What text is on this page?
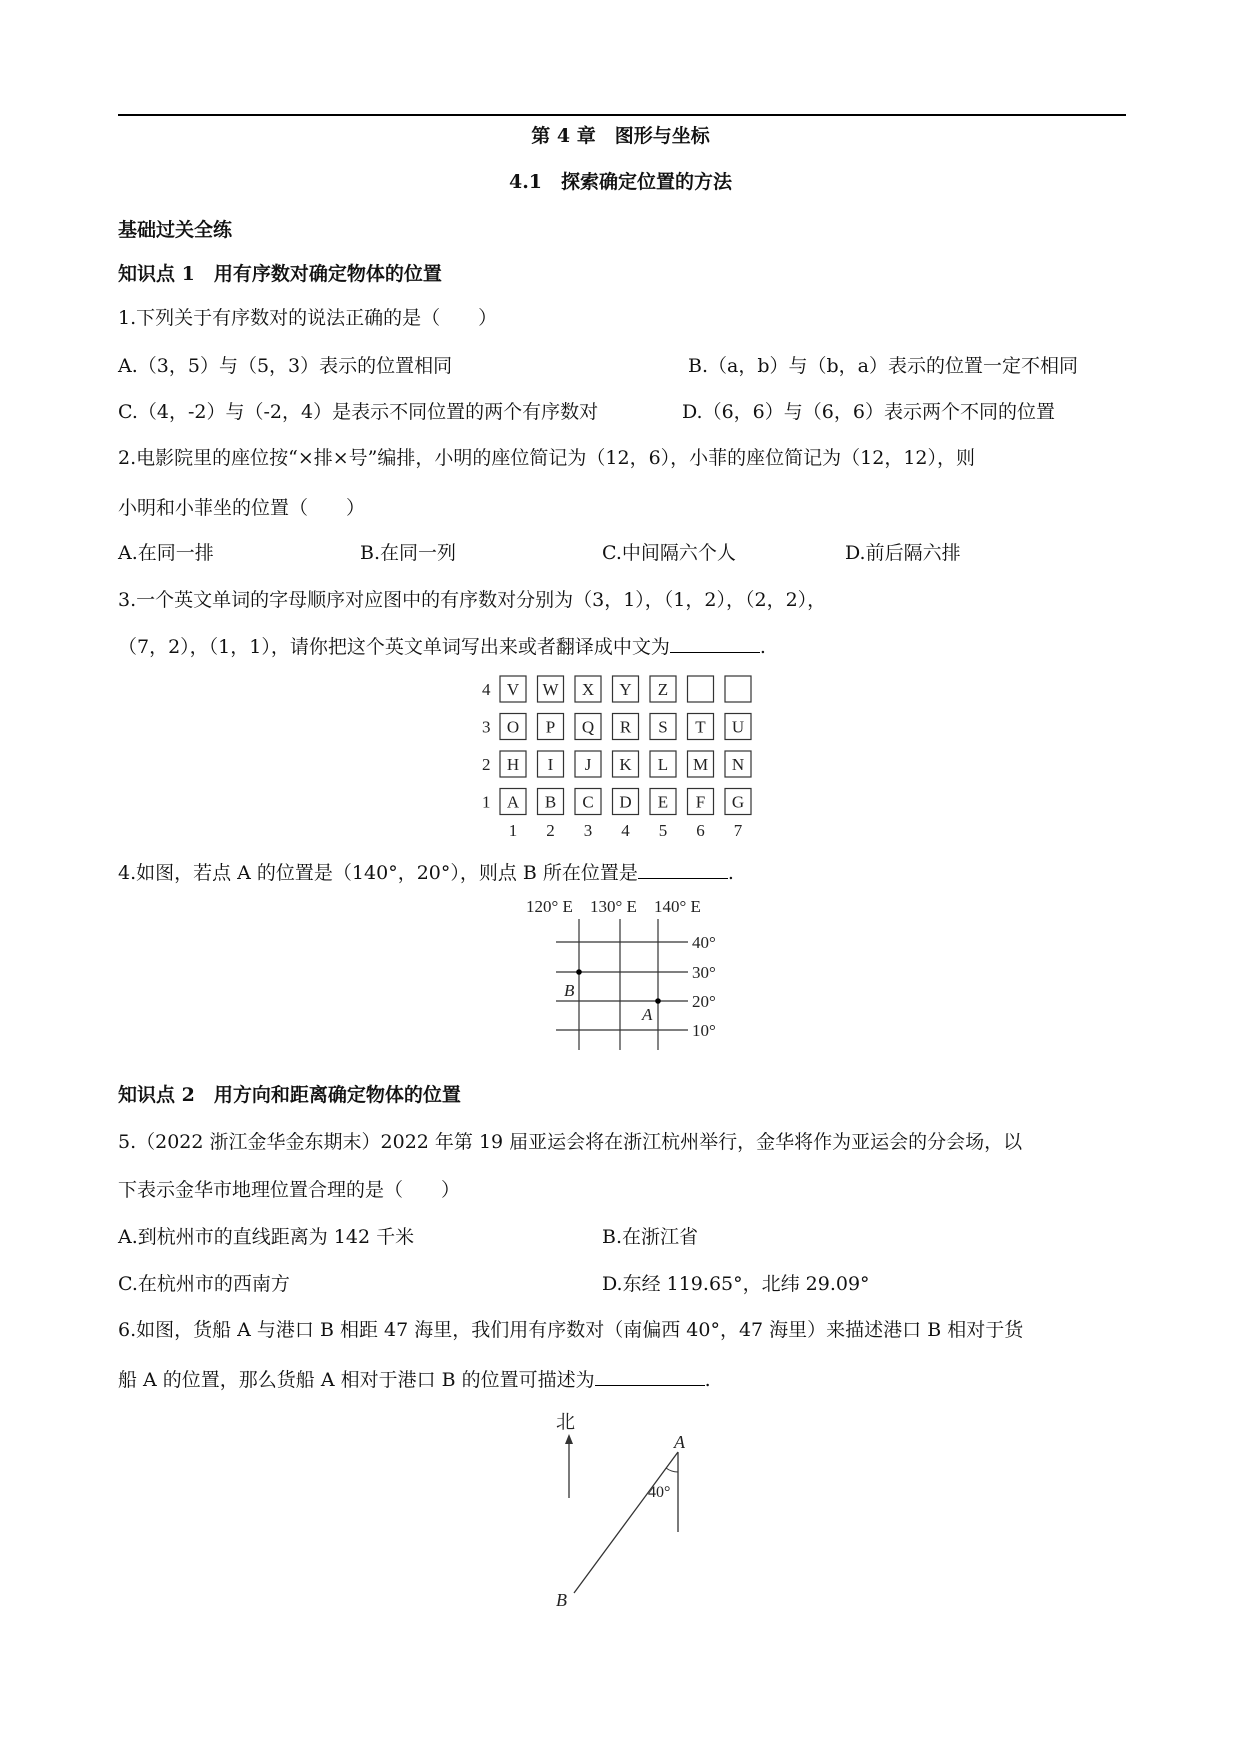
第 4 章　图形与坐标
4.1　探索确定位置的方法
基础过关全练
知识点 1　用有序数对确定物体的位置
1.下列关于有序数对的说法正确的是（　　）
A.（3，5）与（5，3）表示的位置相同	B.（a，b）与（b，a）表示的位置一定不相同
C.（4，-2）与（-2，4）是表示不同位置的两个有序数对	D.（6，6）与（6，6）表示两个不同的位置
2.电影院里的座位按“×排×号”编排，小明的座位简记为（12，6），小菲的座位简记为（12，12），则
小明和小菲坐的位置（　　）
A.在同一排	B.在同一列	C.中间隔六个人	D.前后隔六排
3.一个英文单词的字母顺序对应图中的有序数对分别为（3，1），（1，2），（2，2），
（7，2），（1，1），请你把这个英文单词写出来或者翻译成中文为	.
4 V W X Y Z
3 O P Q R S T U
2 H I J K L M N
1 A B C D E F G
1 2 3 4 5 6 7
4.如图，若点 A 的位置是（140°，20°），则点 B 所在位置是	.
120° E 130° E 140° E
40°
30°
20°
10°
B
A
知识点 2　用方向和距离确定物体的位置
5.（2022 浙江金华金东期末）2022 年第 19 届亚运会将在浙江杭州举行，金华将作为亚运会的分会场，以
下表示金华市地理位置合理的是（　　）
A.到杭州市的直线距离为 142 千米	B.在浙江省
C.在杭州市的西南方	D.东经 119.65°，北纬 29.09°
6.如图，货船 A 与港口 B 相距 47 海里，我们用有序数对（南偏西 40°，47 海里）来描述港口 B 相对于货
船 A 的位置，那么货船 A 相对于港口 B 的位置可描述为	.
北
A
40°
B
